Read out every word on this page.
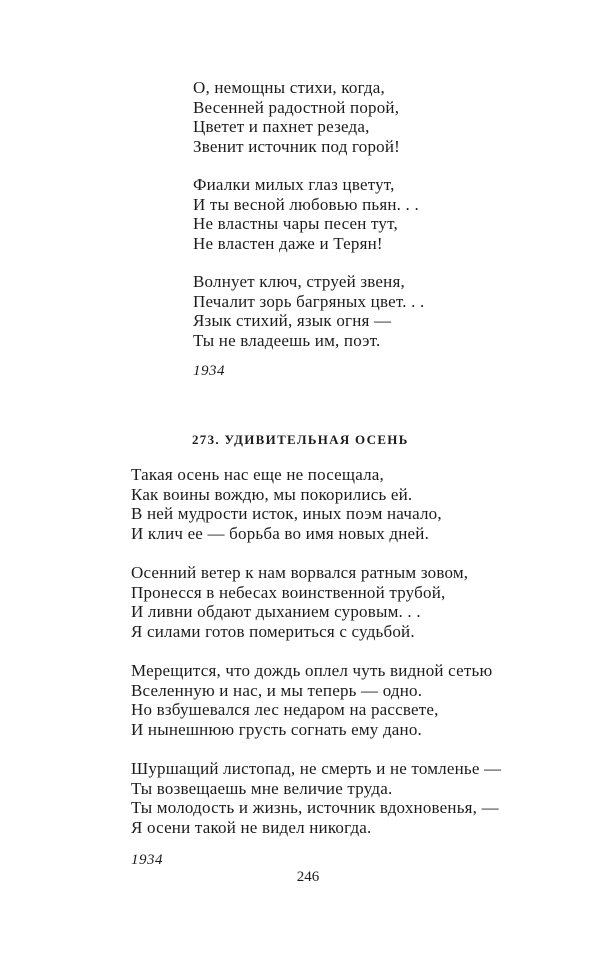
О, немощны стихи, когда,
Весенней радостной порой,
Цветет и пахнет резеда,
Звенит источник под горой!

Фиалки милых глаз цветут,
И ты весной любовью пьян. . .
Не властны чары песен тут,
Не властен даже и Терян!

Волнует ключ, струей звеня,
Печалит зорь багряных цвет. . .
Язык стихий, язык огня —
Ты не владеешь им, поэт.

1934
273. УДИВИТЕЛЬНАЯ ОСЕНЬ

Такая осень нас еще не посещала,
Как воины вождю, мы покорились ей.
В ней мудрости исток, иных поэм начало,
И клич ее — борьба во имя новых дней.

Осенний ветер к нам ворвался ратным зовом,
Пронесся в небесах воинственной трубой,
И ливни обдают дыханием суровым. . .
Я силами готов помериться с судьбой.

Мерещится, что дождь оплел чуть видной сетью
Вселенную и нас, и мы теперь — одно.
Но взбушевался лес недаром на рассвете,
И нынешнюю грусть согнать ему дано.

Шуршащий листопад, не смерть и не томленье —
Ты возвещаешь мне величие труда.
Ты молодость и жизнь, источник вдохновенья, —
Я осени такой не видел никогда.

1934

246
